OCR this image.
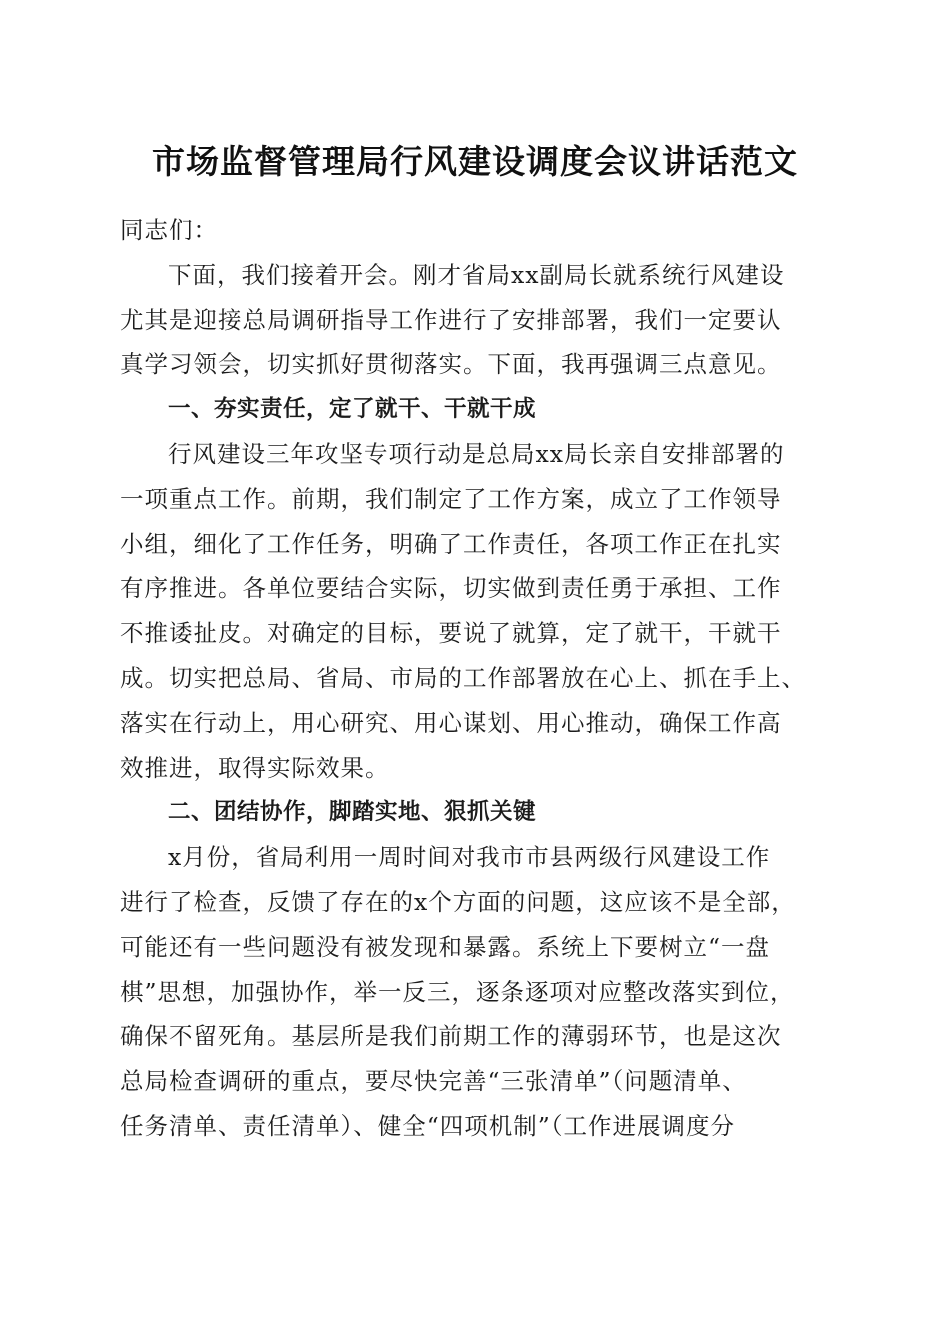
市场监督管理局行风建设调度会议讲话范文
同志们：
下面，我们接着开会。刚才省局xx副局长就系统行风建设
尤其是迎接总局调研指导工作进行了安排部署，我们一定要认
真学习领会，切实抓好贯彻落实。下面，我再强调三点意见。
一、夯实责任，定了就干、干就干成
行风建设三年攻坚专项行动是总局xx局长亲自安排部署的
一项重点工作。前期，我们制定了工作方案，成立了工作领导
小组，细化了工作任务，明确了工作责任，各项工作正在扎实
有序推进。各单位要结合实际，切实做到责任勇于承担、工作
不推诿扯皮。对确定的目标，要说了就算，定了就干，干就干
成。切实把总局、省局、市局的工作部署放在心上、抓在手上、
落实在行动上，用心研究、用心谋划、用心推动，确保工作高
效推进，取得实际效果。
二、团结协作，脚踏实地、狠抓关键
x月份，省局利用一周时间对我市市县两级行风建设工作
进行了检查，反馈了存在的x个方面的问题，这应该不是全部，
可能还有一些问题没有被发现和暴露。系统上下要树立“一盘
棋”思想，加强协作，举一反三，逐条逐项对应整改落实到位，
确保不留死角。基层所是我们前期工作的薄弱环节，也是这次
总局检查调研的重点，要尽快完善“三张清单”（问题清单、
任务清单、责任清单）、健全“四项机制”（工作进展调度分
